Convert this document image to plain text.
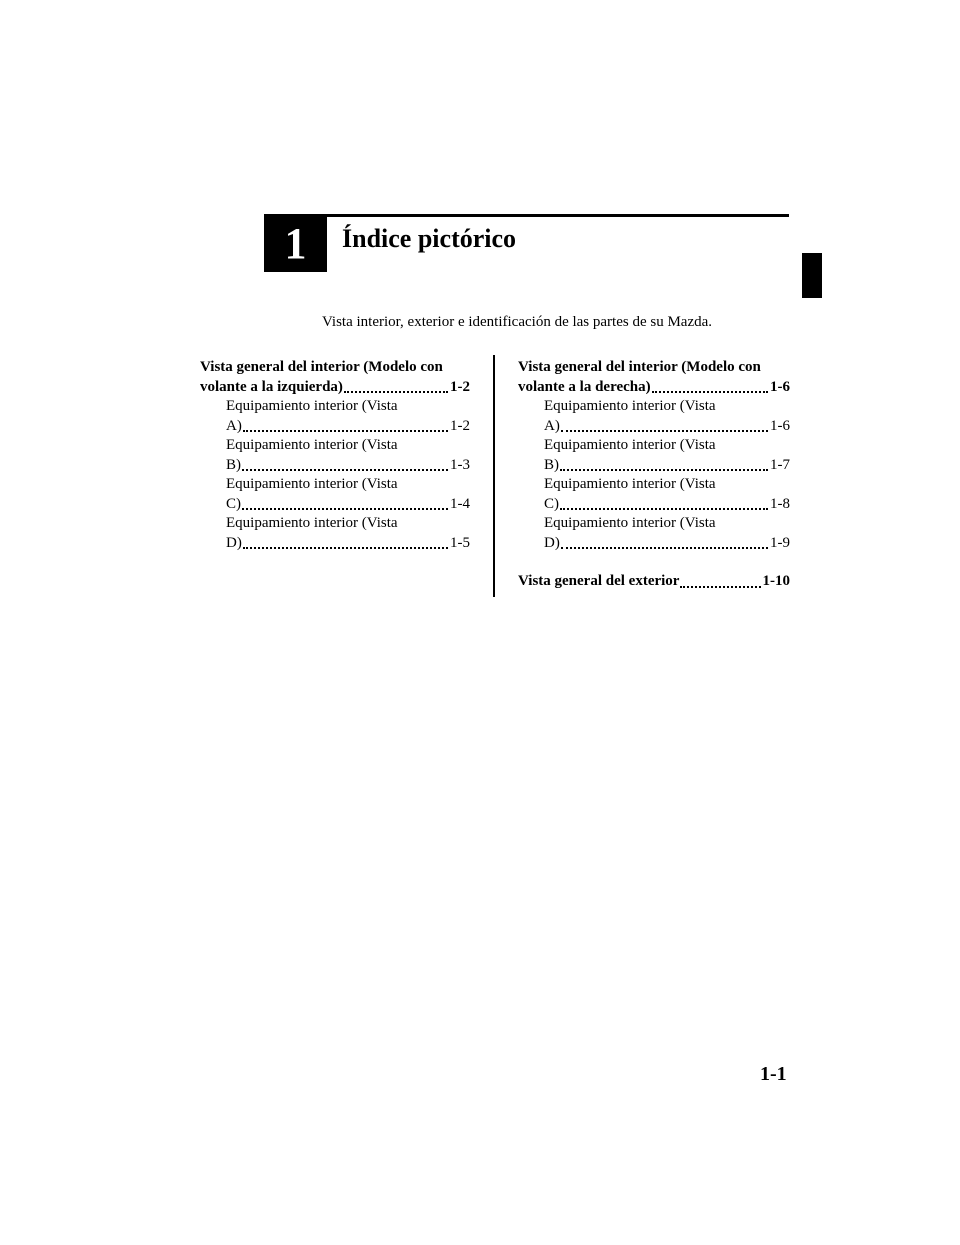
1 Índice pictórico
Vista interior, exterior e identificación de las partes de su Mazda.
Vista general del interior (Modelo con
volante a la izquierda)	1-2
Equipamiento interior (Vista
A)	1-2
Equipamiento interior (Vista
B)	1-3
Equipamiento interior (Vista
C)	1-4
Equipamiento interior (Vista
D)	1-5
Vista general del interior (Modelo con
volante a la derecha)	1-6
Equipamiento interior (Vista
A)	1-6
Equipamiento interior (Vista
B)	1-7
Equipamiento interior (Vista
C)	1-8
Equipamiento interior (Vista
D)	1-9
Vista general del exterior	1-10
1-1
